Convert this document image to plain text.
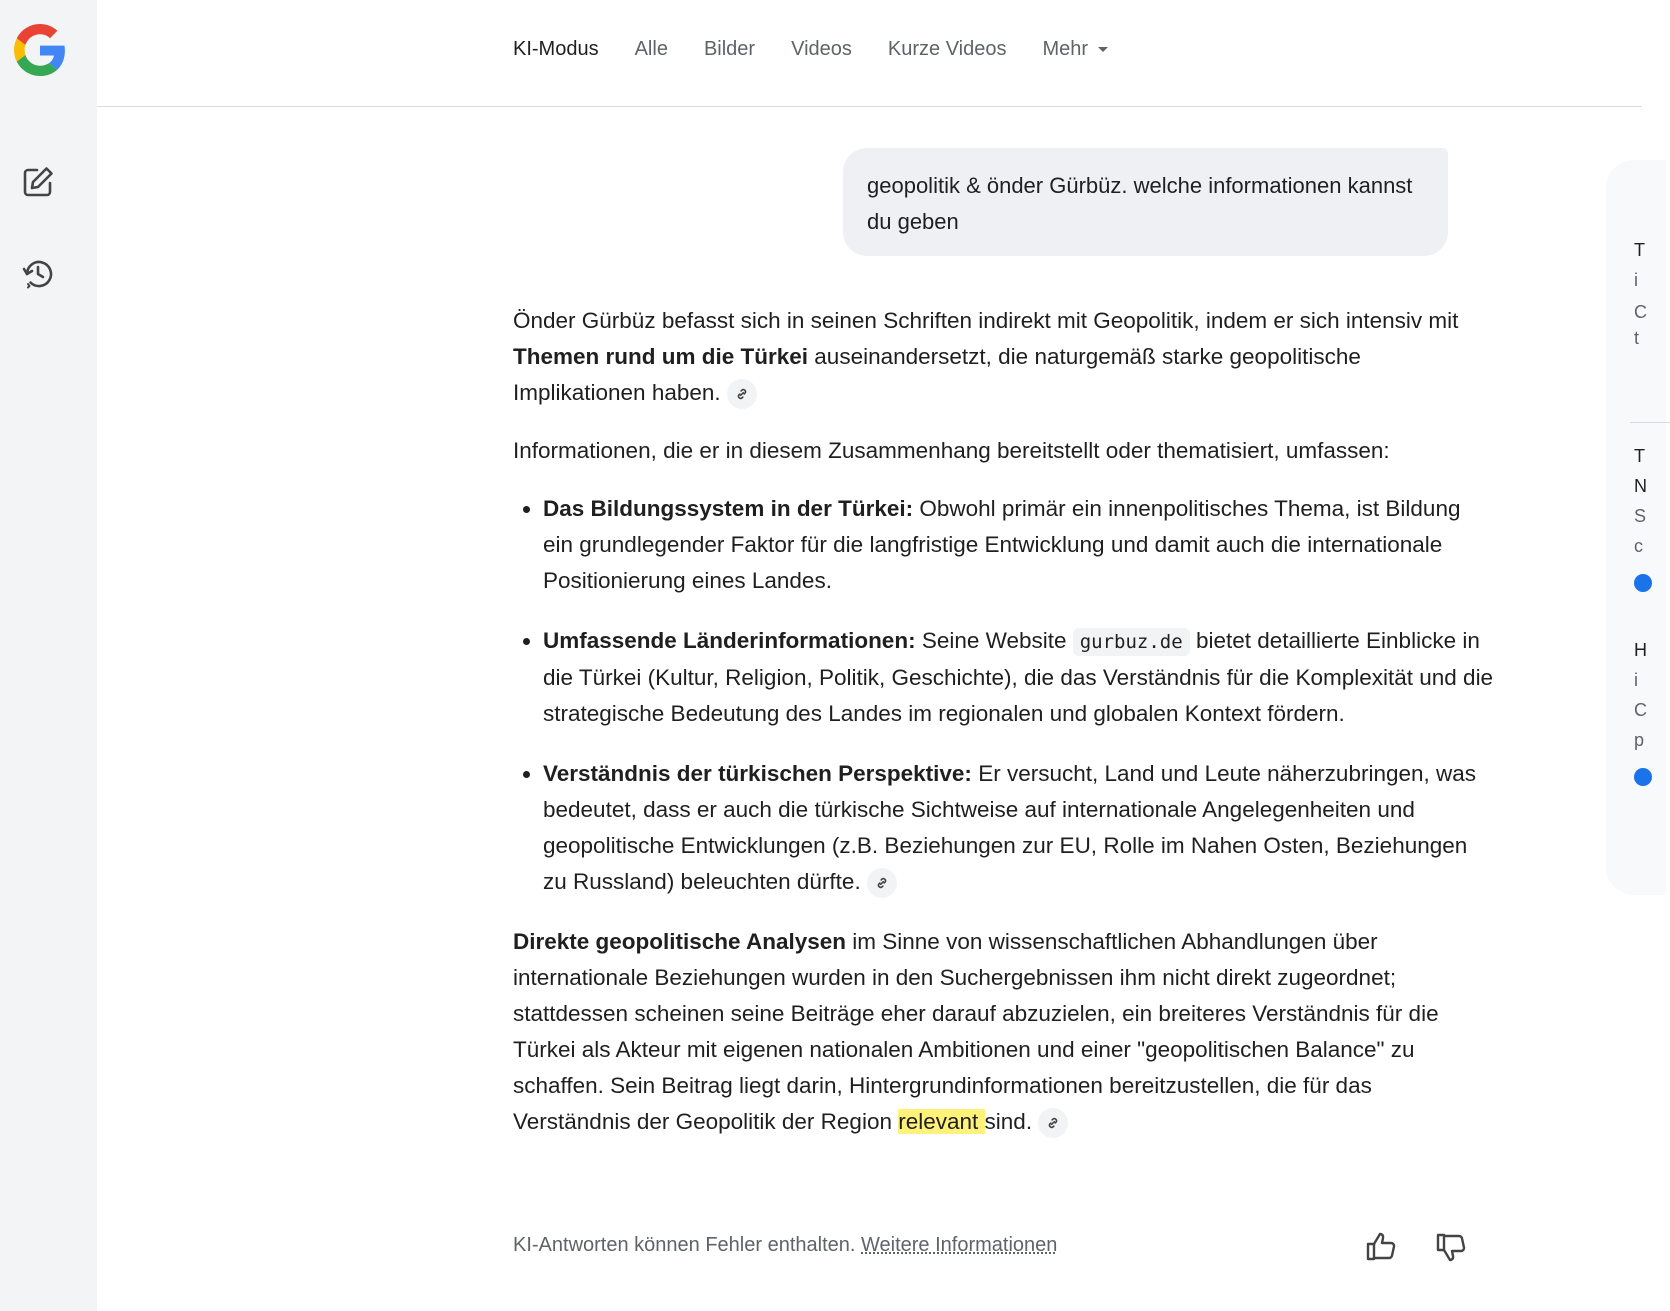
KI-Modus Alle Bilder Videos Kurze Videos Mehr
geopolitik & önder Gürbüz. welche informationen kannst du geben

Önder Gürbüz befasst sich in seinen Schriften indirekt mit Geopolitik, indem er sich intensiv mit Themen rund um die Türkei auseinandersetzt, die naturgemäß starke geopolitische Implikationen haben.

Informationen, die er in diesem Zusammenhang bereitstellt oder thematisiert, umfassen:

• Das Bildungssystem in der Türkei: Obwohl primär ein innenpolitisches Thema, ist Bildung ein grundlegender Faktor für die langfristige Entwicklung und damit auch die internationale Positionierung eines Landes.
• Umfassende Länderinformationen: Seine Website gurbuz.de bietet detaillierte Einblicke in die Türkei (Kultur, Religion, Politik, Geschichte), die das Verständnis für die Komplexität und die strategische Bedeutung des Landes im regionalen und globalen Kontext fördern.
• Verständnis der türkischen Perspektive: Er versucht, Land und Leute näherzubringen, was bedeutet, dass er auch die türkische Sichtweise auf internationale Angelegenheiten und geopolitische Entwicklungen (z.B. Beziehungen zur EU, Rolle im Nahen Osten, Beziehungen zu Russland) beleuchten dürfte.

Direkte geopolitische Analysen im Sinne von wissenschaftlichen Abhandlungen über internationale Beziehungen wurden in den Suchergebnissen ihm nicht direkt zugeordnet; stattdessen scheinen seine Beiträge eher darauf abzuzielen, ein breiteres Verständnis für die Türkei als Akteur mit eigenen nationalen Ambitionen und einer "geopolitischen Balance" zu schaffen. Sein Beitrag liegt darin, Hintergrundinformationen bereitzustellen, die für das Verständnis der Geopolitik der Region relevant sind.

KI-Antworten können Fehler enthalten. Weitere Informationen
T
i
C
t
T
N
S
c
H
i
C
p
